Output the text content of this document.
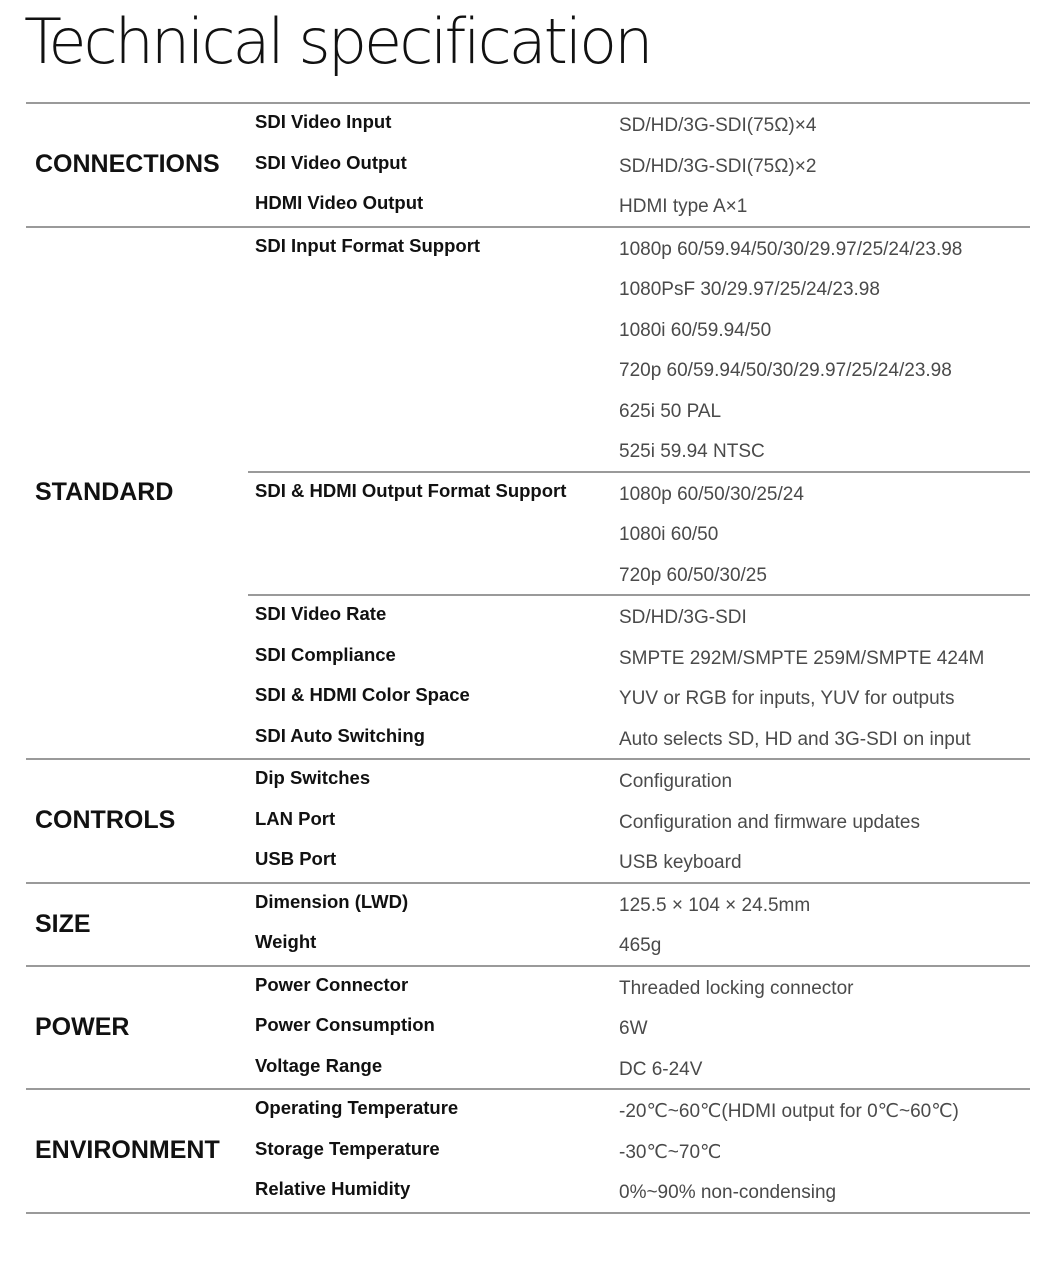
Technical specification
CONNECTIONS
SDI Video Input	SD/HD/3G-SDI(75Ω)×4
SDI Video Output	SD/HD/3G-SDI(75Ω)×2
HDMI Video Output	HDMI type A×1
STANDARD
SDI Input Format Support	1080p 60/59.94/50/30/29.97/25/24/23.98
1080PsF 30/29.97/25/24/23.98
1080i 60/59.94/50
720p 60/59.94/50/30/29.97/25/24/23.98
625i 50 PAL
525i 59.94 NTSC
SDI & HDMI Output Format Support	1080p 60/50/30/25/24
1080i 60/50
720p 60/50/30/25
SDI Video Rate	SD/HD/3G-SDI
SDI Compliance	SMPTE 292M/SMPTE 259M/SMPTE 424M
SDI & HDMI Color Space	YUV or RGB for inputs, YUV for outputs
SDI Auto Switching	Auto selects SD, HD and 3G-SDI on input
CONTROLS
Dip Switches	Configuration
LAN Port	Configuration and firmware updates
USB Port	USB keyboard
SIZE
Dimension (LWD)	125.5 × 104 × 24.5mm
Weight	465g
POWER
Power Connector	Threaded locking connector
Power Consumption	6W
Voltage Range	DC 6-24V
ENVIRONMENT
Operating Temperature	-20℃~60℃(HDMI output for 0℃~60℃)
Storage Temperature	-30℃~70℃
Relative Humidity	0%~90% non-condensing
